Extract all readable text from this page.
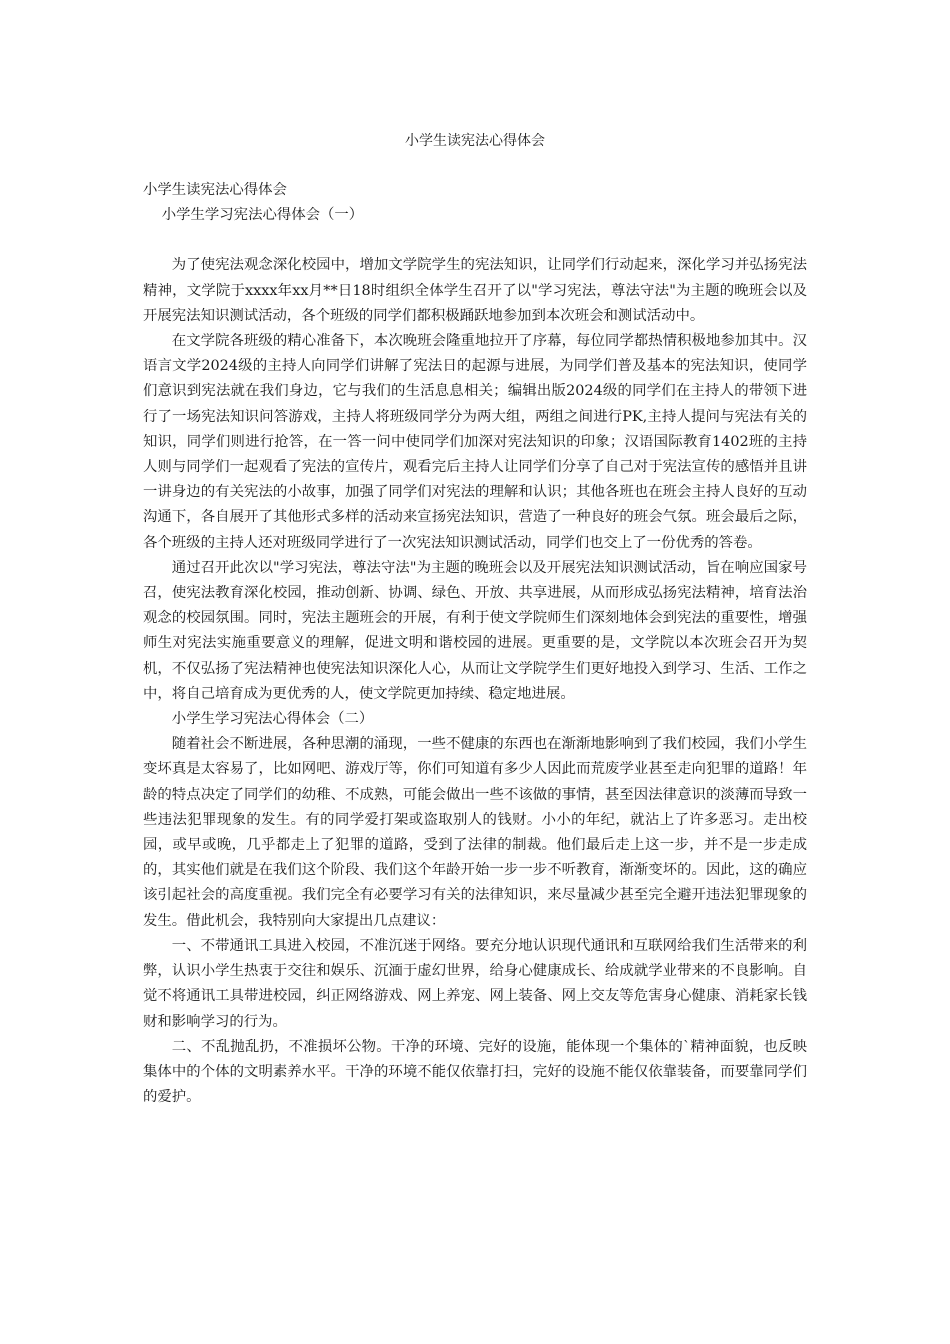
小学生读宪法心得体会

小学生读宪法心得体会

小学生学习宪法心得体会（一）

为了使宪法观念深化校园中，增加文学院学生的宪法知识，让同学们行动起来，深化学习并弘扬宪法精神，文学院于xxxx年xx月**日18时组织全体学生召开了以"学习宪法，尊法守法"为主题的晚班会以及开展宪法知识测试活动，各个班级的同学们都积极踊跃地参加到本次班会和测试活动中。

在文学院各班级的精心准备下，本次晚班会隆重地拉开了序幕，每位同学都热情积极地参加其中。汉语言文学2024级的主持人向同学们讲解了宪法日的起源与进展，为同学们普及基本的宪法知识，使同学们意识到宪法就在我们身边，它与我们的生活息息相关；编辑出版2024级的同学们在主持人的带领下进行了一场宪法知识问答游戏，主持人将班级同学分为两大组，两组之间进行PK,主持人提问与宪法有关的知识，同学们则进行抢答，在一答一问中使同学们加深对宪法知识的印象；汉语国际教育1402班的主持人则与同学们一起观看了宪法的宣传片，观看完后主持人让同学们分享了自己对于宪法宣传的感悟并且讲一讲身边的有关宪法的小故事，加强了同学们对宪法的理解和认识；其他各班也在班会主持人良好的互动沟通下，各自展开了其他形式多样的活动来宣扬宪法知识，营造了一种良好的班会气氛。班会最后之际，各个班级的主持人还对班级同学进行了一次宪法知识测试活动，同学们也交上了一份优秀的答卷。

通过召开此次以"学习宪法，尊法守法"为主题的晚班会以及开展宪法知识测试活动，旨在响应国家号召，使宪法教育深化校园，推动创新、协调、绿色、开放、共享进展，从而形成弘扬宪法精神，培育法治观念的校园氛围。同时，宪法主题班会的开展，有利于使文学院师生们深刻地体会到宪法的重要性，增强师生对宪法实施重要意义的理解，促进文明和谐校园的进展。更重要的是，文学院以本次班会召开为契机，不仅弘扬了宪法精神也使宪法知识深化人心，从而让文学院学生们更好地投入到学习、生活、工作之中，将自己培育成为更优秀的人，使文学院更加持续、稳定地进展。

小学生学习宪法心得体会（二）

随着社会不断进展，各种思潮的涌现，一些不健康的东西也在渐渐地影响到了我们校园，我们小学生变坏真是太容易了，比如网吧、游戏厅等，你们可知道有多少人因此而荒废学业甚至走向犯罪的道路！年龄的特点决定了同学们的幼稚、不成熟，可能会做出一些不该做的事情，甚至因法律意识的淡薄而导致一些违法犯罪现象的发生。有的同学爱打架或盗取别人的钱财。小小的年纪，就沾上了许多恶习。走出校园，或早或晚，几乎都走上了犯罪的道路，受到了法律的制裁。他们最后走上这一步，并不是一步走成的，其实他们就是在我们这个阶段、我们这个年龄开始一步一步不听教育，渐渐变坏的。因此，这的确应该引起社会的高度重视。我们完全有必要学习有关的法律知识，来尽量减少甚至完全避开违法犯罪现象的发生。借此机会，我特别向大家提出几点建议：

一、不带通讯工具进入校园，不准沉迷于网络。要充分地认识现代通讯和互联网给我们生活带来的利弊，认识小学生热衷于交往和娱乐、沉湎于虚幻世界，给身心健康成长、给成就学业带来的不良影响。自觉不将通讯工具带进校园，纠正网络游戏、网上养宠、网上装备、网上交友等危害身心健康、消耗家长钱财和影响学习的行为。

二、不乱抛乱扔，不准损坏公物。干净的环境、完好的设施，能体现一个集体的`精神面貌，也反映集体中的个体的文明素养水平。干净的环境不能仅依靠打扫，完好的设施不能仅依靠装备，而要靠同学们的爱护。
